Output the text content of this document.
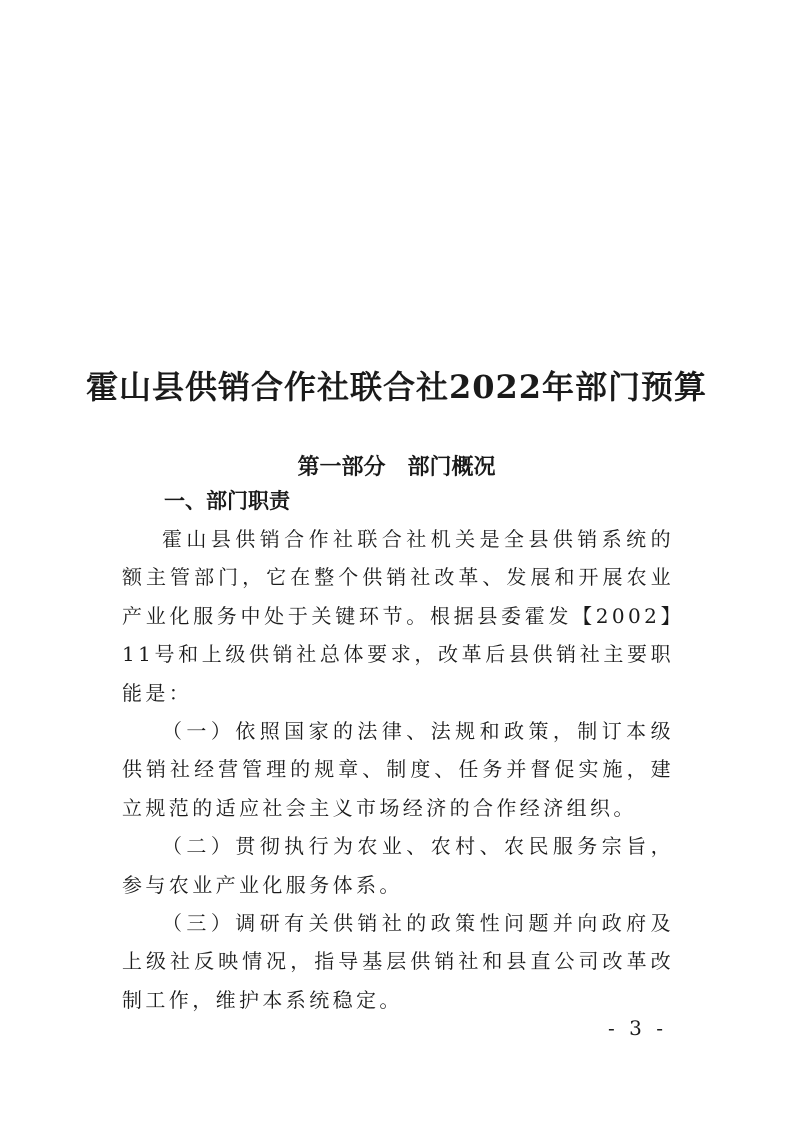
霍山县供销合作社联合社2022年部门预算
第一部分　部门概况
一、部门职责

霍山县供销合作社联合社机关是全县供销系统的额主管部门，它在整个供销社改革、发展和开展农业产业化服务中处于关键环节。根据县委霍发【2002】11号和上级供销社总体要求，改革后县供销社主要职能是：

（一）依照国家的法律、法规和政策，制订本级供销社经营管理的规章、制度、任务并督促实施，建立规范的适应社会主义市场经济的合作经济组织。

（二）贯彻执行为农业、农村、农民服务宗旨，参与农业产业化服务体系。

（三）调研有关供销社的政策性问题并向政府及上级社反映情况，指导基层供销社和县直公司改革改制工作，维护本系统稳定。

- 3 -
